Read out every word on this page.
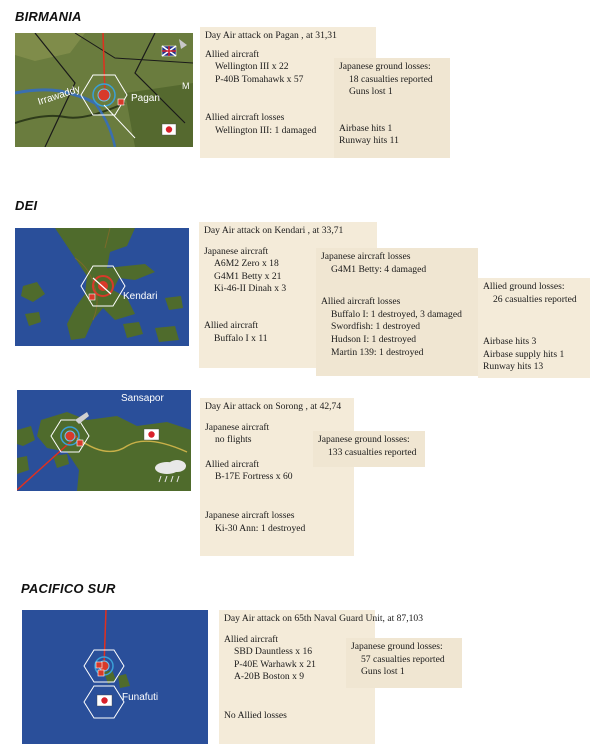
BIRMANIA
Irrawaddy	Pagan
M
Day Air attack on Pagan , at 31,31
Allied aircraft
Wellington III x 22
P-40B Tomahawk x 57
Allied aircraft losses
Wellington III: 1 damaged
Japanese ground losses:
18 casualties reported
Guns lost 1
Airbase hits 1
Runway hits 11
DEI
Kendari
Day Air attack on Kendari , at 33,71
Japanese aircraft
A6M2 Zero x 18
G4M1 Betty x 21
Ki-46-II Dinah x 3
Allied aircraft
Buffalo I x 11
Japanese aircraft losses
G4M1 Betty: 4 damaged
Allied aircraft losses
Buffalo I: 1 destroyed, 3 damaged
Swordfish: 1 destroyed
Hudson I: 1 destroyed
Martin 139: 1 destroyed
Allied ground losses:
26 casualties reported
Airbase hits 3
Airbase supply hits 1
Runway hits 13
Sansapor
Day Air attack on Sorong , at 42,74
Japanese aircraft
no flights
Allied aircraft
B-17E Fortress x 60
Japanese aircraft losses
Ki-30 Ann: 1 destroyed
Japanese ground losses:
133 casualties reported
PACIFICO SUR
Funafuti
Day Air attack on 65th Naval Guard Unit, at 87,103
Allied aircraft
SBD Dauntless x 16
P-40E Warhawk x 21
A-20B Boston x 9
No Allied losses
Japanese ground losses:
57 casualties reported
Guns lost 1
